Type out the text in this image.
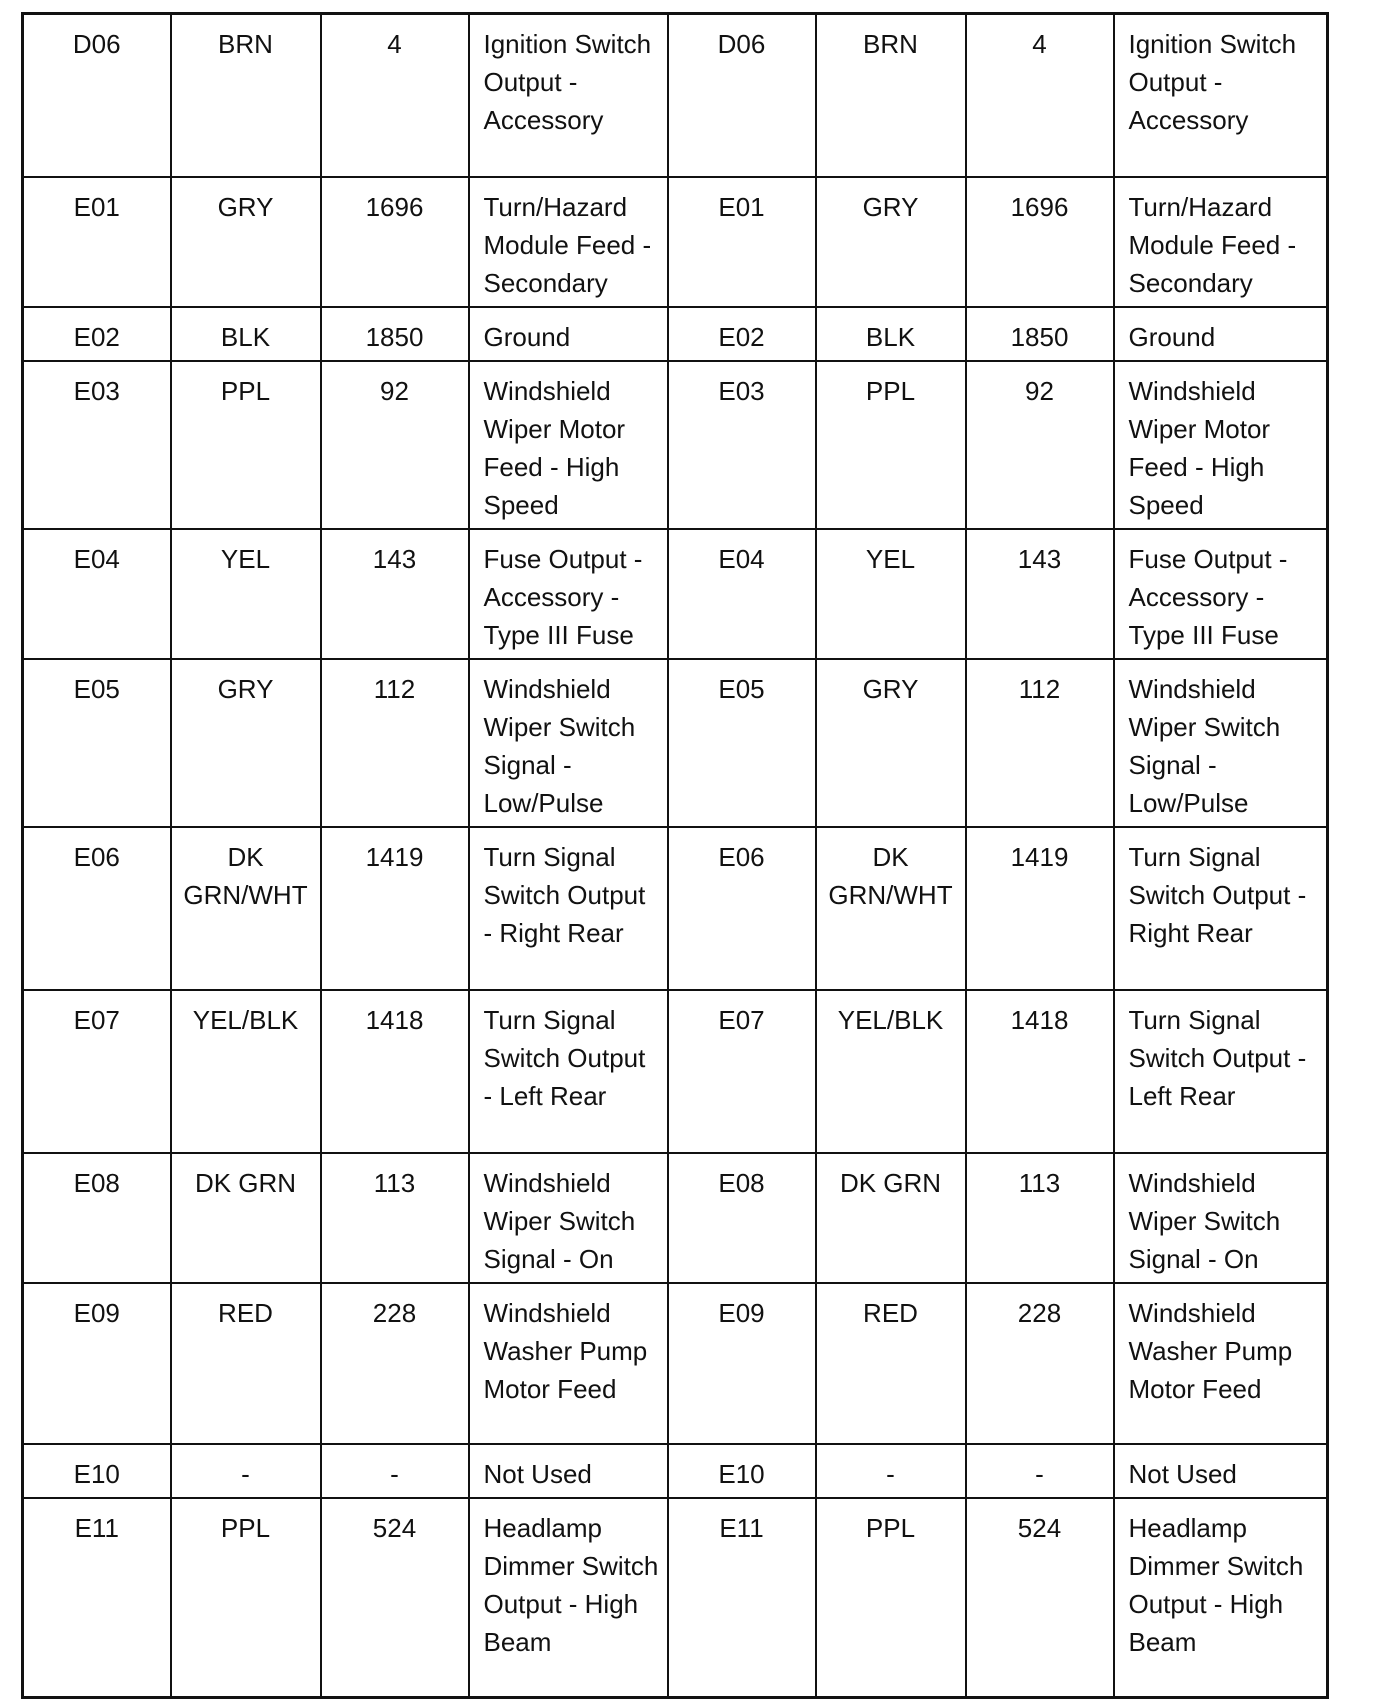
D06	BRN	4	Ignition Switch Output - Accessory	D06	BRN	4	Ignition Switch Output - Accessory
E01	GRY	1696	Turn/Hazard Module Feed - Secondary	E01	GRY	1696	Turn/Hazard Module Feed - Secondary
E02	BLK	1850	Ground	E02	BLK	1850	Ground
E03	PPL	92	Windshield Wiper Motor Feed - High Speed	E03	PPL	92	Windshield Wiper Motor Feed - High Speed
E04	YEL	143	Fuse Output - Accessory - Type III Fuse	E04	YEL	143	Fuse Output - Accessory - Type III Fuse
E05	GRY	112	Windshield Wiper Switch Signal - Low/Pulse	E05	GRY	112	Windshield Wiper Switch Signal - Low/Pulse
E06	DK GRN/WHT	1419	Turn Signal Switch Output - Right Rear	E06	DK GRN/WHT	1419	Turn Signal Switch Output - Right Rear
E07	YEL/BLK	1418	Turn Signal Switch Output - Left Rear	E07	YEL/BLK	1418	Turn Signal Switch Output - Left Rear
E08	DK GRN	113	Windshield Wiper Switch Signal - On	E08	DK GRN	113	Windshield Wiper Switch Signal - On
E09	RED	228	Windshield Washer Pump Motor Feed	E09	RED	228	Windshield Washer Pump Motor Feed
E10	-	-	Not Used	E10	-	-	Not Used
E11	PPL	524	Headlamp Dimmer Switch Output - High Beam	E11	PPL	524	Headlamp Dimmer Switch Output - High Beam
